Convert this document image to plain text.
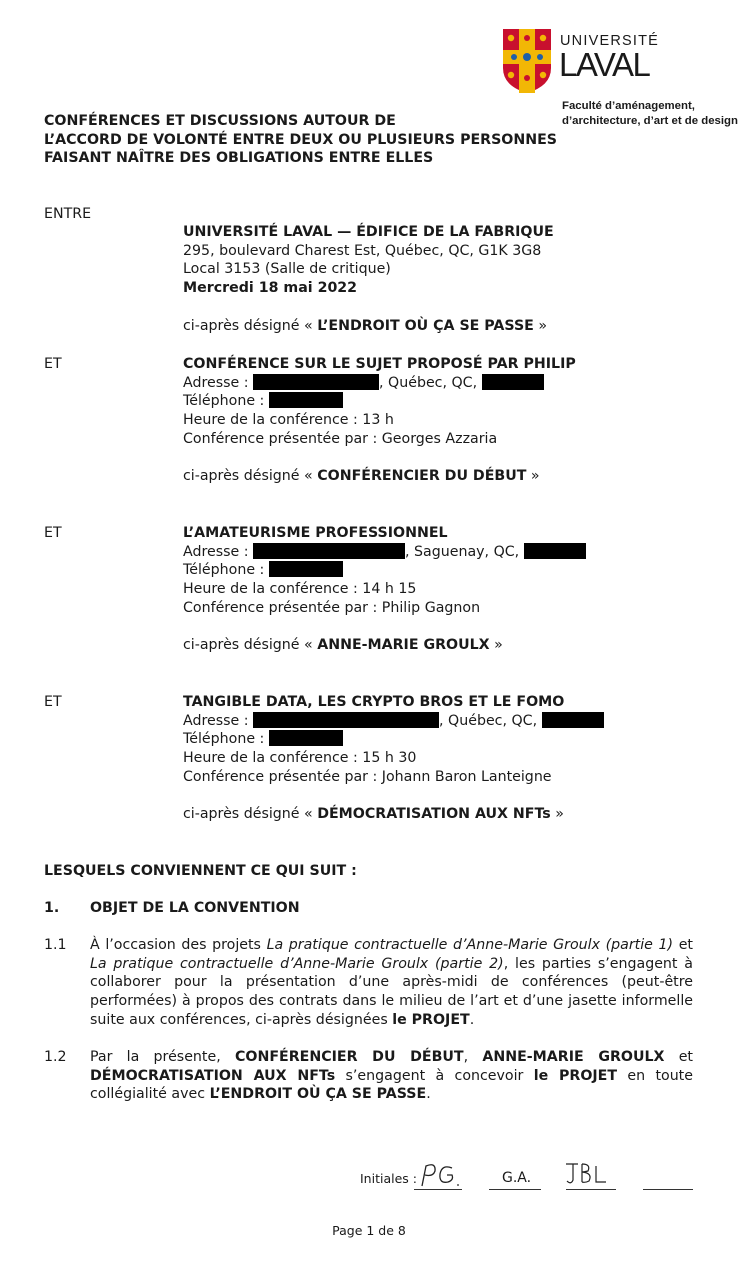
UNIVERSITÉ
LAVAL
Faculté d’aménagement,
d’architecture, d’art et de design
CONFÉRENCES ET DISCUSSIONS AUTOUR DE
L’ACCORD DE VOLONTÉ ENTRE DEUX OU PLUSIEURS PERSONNES
FAISANT NAÎTRE DES OBLIGATIONS ENTRE ELLES
ENTRE
UNIVERSITÉ LAVAL — ÉDIFICE DE LA FABRIQUE
295, boulevard Charest Est, Québec, QC, G1K 3G8
Local 3153 (Salle de critique)
Mercredi 18 mai 2022
ci-après désigné « L’ENDROIT OÙ ÇA SE PASSE »
ET	CONFÉRENCE SUR LE SUJET PROPOSÉ PAR PHILIP
Adresse :	, Québec, QC,
Téléphone :
Heure de la conférence : 13 h
Conférence présentée par : Georges Azzaria
ci-après désigné « CONFÉRENCIER DU DÉBUT »
ET	L’AMATEURISME PROFESSIONNEL
Adresse :	, Saguenay, QC,
Téléphone :
Heure de la conférence : 14 h 15
Conférence présentée par : Philip Gagnon
ci-après désigné « ANNE-MARIE GROULX »
ET	TANGIBLE DATA, LES CRYPTO BROS ET LE FOMO
Adresse :	, Québec, QC,
Téléphone :
Heure de la conférence : 15 h 30
Conférence présentée par : Johann Baron Lanteigne
ci-après désigné « DÉMOCRATISATION AUX NFTs »
LESQUELS CONVIENNENT CE QUI SUIT :
1. OBJET DE LA CONVENTION
1.1 À l’occasion des projets La pratique contractuelle d’Anne-Marie Groulx (partie 1) et La pratique contractuelle d’Anne-Marie Groulx (partie 2), les parties s’engagent à collaborer pour la présentation d’une après-midi de conférences (peut-être performées) à propos des contrats dans le milieu de l’art et d’une jasette informelle suite aux conférences, ci-après désignées le PROJET.
1.2 Par la présente, CONFÉRENCIER DU DÉBUT, ANNE-MARIE GROULX et DÉMOCRATISATION AUX NFTs s’engagent à concevoir le PROJET en toute collégialité avec L’ENDROIT OÙ ÇA SE PASSE.
Initiales :	G.A.
Page 1 de 8
